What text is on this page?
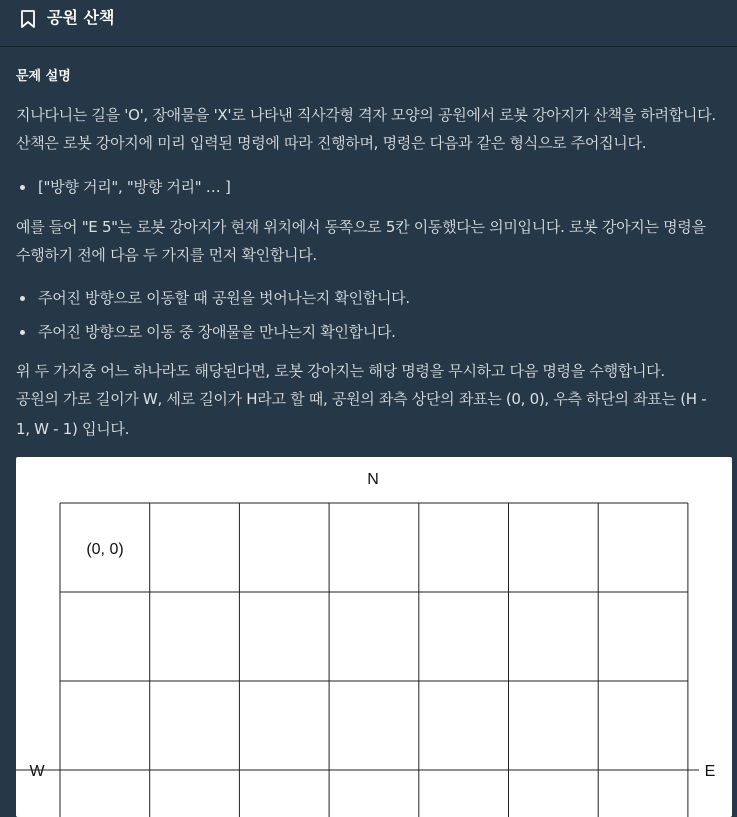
공원 산책
문제 설명
지나다니는 길을 'O', 장애물을 'X'로 나타낸 직사각형 격자 모양의 공원에서 로봇 강아지가 산책을 하려합니다.
산책은 로봇 강아지에 미리 입력된 명령에 따라 진행하며, 명령은 다음과 같은 형식으로 주어집니다.
["방향 거리", "방향 거리" … ]
예를 들어 "E 5"는 로봇 강아지가 현재 위치에서 동쪽으로 5칸 이동했다는 의미입니다. 로봇 강아지는 명령을
수행하기 전에 다음 두 가지를 먼저 확인합니다.
주어진 방향으로 이동할 때 공원을 벗어나는지 확인합니다.
주어진 방향으로 이동 중 장애물을 만나는지 확인합니다.
위 두 가지중 어느 하나라도 해당된다면, 로봇 강아지는 해당 명령을 무시하고 다음 명령을 수행합니다.
공원의 가로 길이가 W, 세로 길이가 H라고 할 때, 공원의 좌측 상단의 좌표는 (0, 0), 우측 하단의 좌표는 (H -
1, W - 1) 입니다.
N
W	E
(0, 0)
